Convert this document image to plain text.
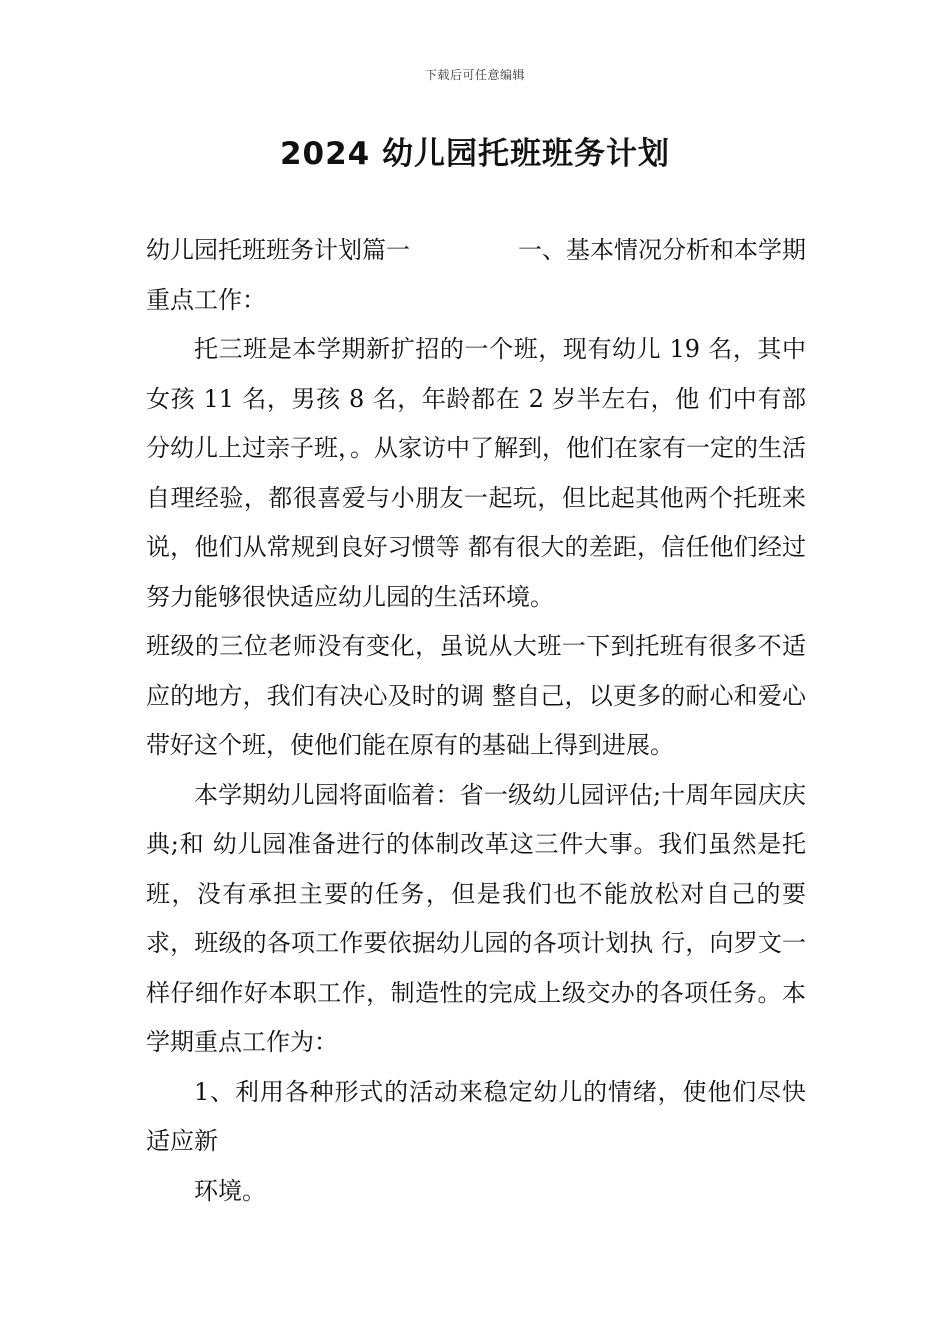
下载后可任意编辑
2024 幼儿园托班班务计划
幼儿园托班班务计划篇一	一、基本情况分析和本学期

重点工作：

托三班是本学期新扩招的一个班，现有幼儿 19 名，其中女孩 11 名，男孩 8 名，年龄都在 2 岁半左右，他 们中有部分幼儿上过亲子班，。从家访中了解到，他们在家有一定的生活自理经验，都很喜爱与小朋友一起玩，但比起其他两个托班来说，他们从常规到良好习惯等 都有很大的差距，信任他们经过努力能够很快适应幼儿园的生活环境。

班级的三位老师没有变化，虽说从大班一下到托班有很多不适应的地方，我们有决心及时的调 整自己，以更多的耐心和爱心带好这个班，使他们能在原有的基础上得到进展。

本学期幼儿园将面临着：省一级幼儿园评估;十周年园庆庆典;和 幼儿园准备进行的体制改革这三件大事。我们虽然是托班，没有承担主要的任务，但是我们也不能放松对自己的要求，班级的各项工作要依据幼儿园的各项计划执 行，向罗文一样仔细作好本职工作，制造性的完成上级交办的各项任务。本学期重点工作为：

1、利用各种形式的活动来稳定幼儿的情绪，使他们尽快适应新

环境。
